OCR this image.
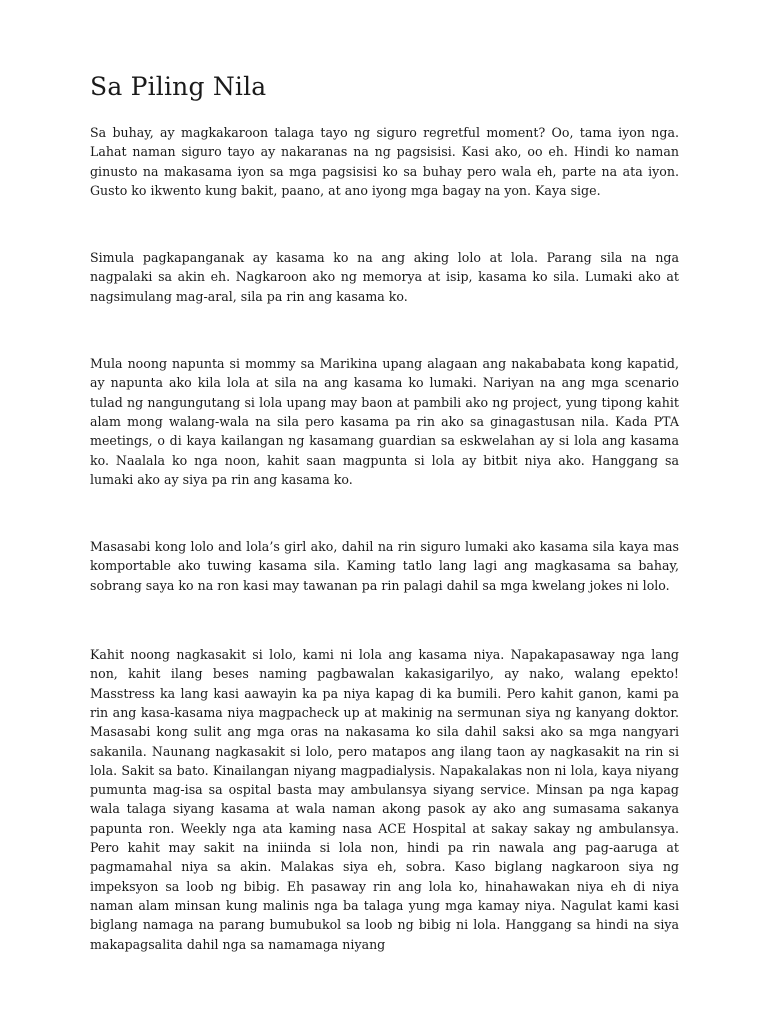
Sa Piling Nila

Sa buhay, ay magkakaroon talaga tayo ng siguro regretful moment? Oo, tama iyon nga. Lahat naman siguro tayo ay nakaranas na ng pagsisisi. Kasi ako, oo eh. Hindi ko naman ginusto na makasama iyon sa mga pagsisisi ko sa buhay pero wala eh, parte na ata iyon. Gusto ko ikwento kung bakit, paano, at ano iyong mga bagay na yon. Kaya sige.

Simula pagkapanganak ay kasama ko na ang aking lolo at lola. Parang sila na nga nagpalaki sa akin eh. Nagkaroon ako ng memorya at isip, kasama ko sila. Lumaki ako at nagsimulang mag-aral, sila pa rin ang kasama ko.

Mula noong napunta si mommy sa Marikina upang alagaan ang nakababata kong kapatid, ay napunta ako kila lola at sila na ang kasama ko lumaki. Nariyan na ang mga scenario tulad ng nangungutang si lola upang may baon at pambili ako ng project, yung tipong kahit alam mong walang-wala na sila pero kasama pa rin ako sa ginagastusan nila. Kada PTA meetings, o di kaya kailangan ng kasamang guardian sa eskwelahan ay si lola ang kasama ko. Naalala ko nga noon, kahit saan magpunta si lola ay bitbit niya ako. Hanggang sa lumaki ako ay siya pa rin ang kasama ko.

Masasabi kong lolo and lola’s girl ako, dahil na rin siguro lumaki ako kasama sila kaya mas komportable ako tuwing kasama sila. Kaming tatlo lang lagi ang magkasama sa bahay, sobrang saya ko na ron kasi may tawanan pa rin palagi dahil sa mga kwelang jokes ni lolo.

Kahit noong nagkasakit si lolo, kami ni lola ang kasama niya. Napakapasaway nga lang non, kahit ilang beses naming pagbawalan kakasigarilyo, ay nako, walang epekto! Masstress ka lang kasi aawayin ka pa niya kapag di ka bumili. Pero kahit ganon, kami pa rin ang kasa-kasama niya magpacheck up at makinig na sermunan siya ng kanyang doktor. Masasabi kong sulit ang mga oras na nakasama ko sila dahil saksi ako sa mga nangyari sakanila. Naunang nagkasakit si lolo, pero matapos ang ilang taon ay nagkasakit na rin si lola. Sakit sa bato. Kinailangan niyang magpadialysis. Napakalakas non ni lola, kaya niyang pumunta mag-isa sa ospital basta may ambulansya siyang service. Minsan pa nga kapag wala talaga siyang kasama at wala naman akong pasok ay ako ang sumasama sakanya papunta ron. Weekly nga ata kaming nasa ACE Hospital at sakay sakay ng ambulansya. Pero kahit may sakit na iniinda si lola non, hindi pa rin nawala ang pag-aaruga at pagmamahal niya sa akin. Malakas siya eh, sobra. Kaso biglang nagkaroon siya ng impeksyon sa loob ng bibig. Eh pasaway rin ang lola ko, hinahawakan niya eh di niya naman alam minsan kung malinis nga ba talaga yung mga kamay niya. Nagulat kami kasi biglang namaga na parang bumubukol sa loob ng bibig ni lola. Hanggang sa hindi na siya makapagsalita dahil nga sa namamaga niyang
